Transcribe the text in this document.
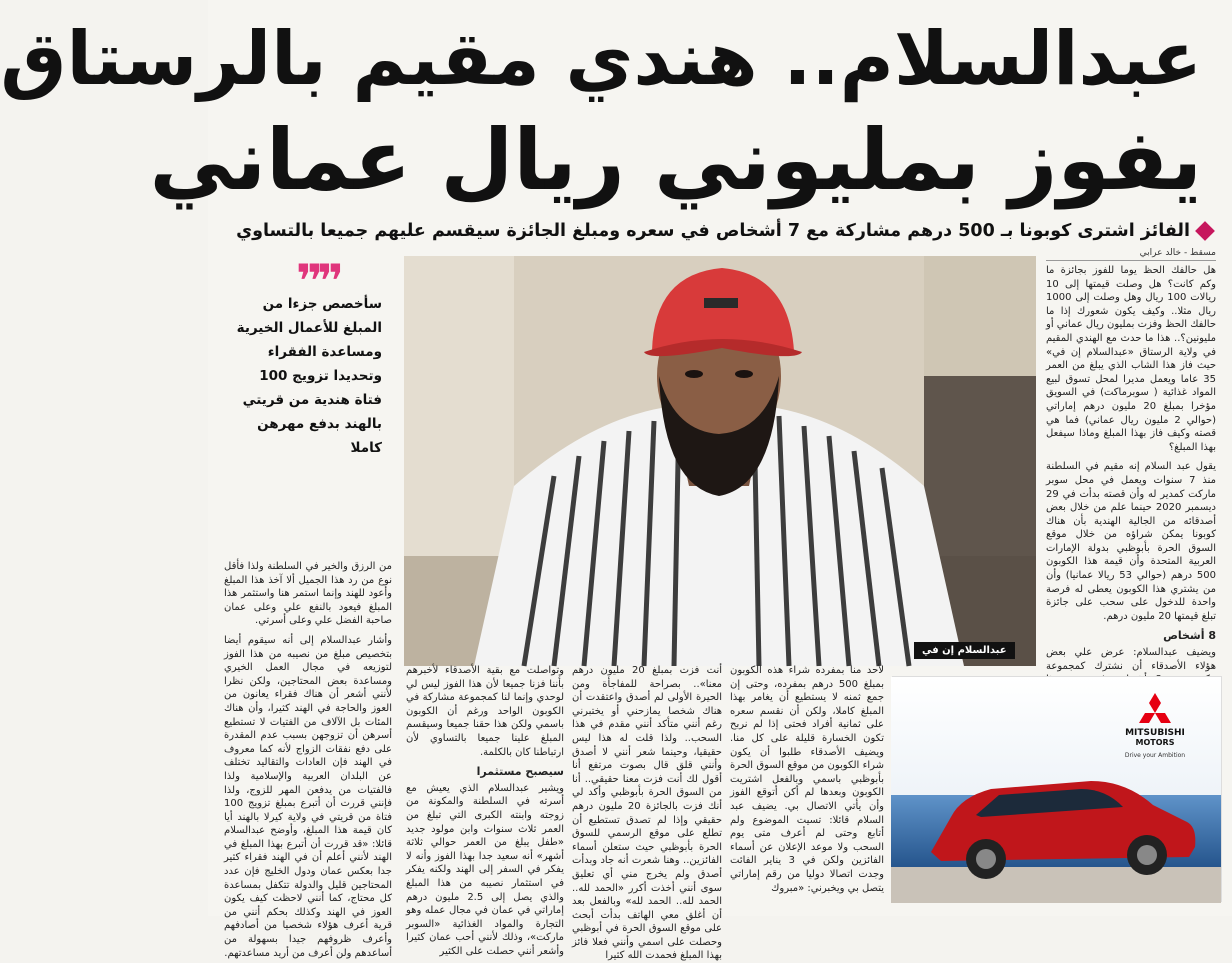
عبدالسلام.. هندي مقيم بالرستاق
يفوز بمليوني ريال عماني
الفائز اشترى كوبونا بـ 500 درهم مشاركة مع 7 أشخاص في سعره ومبلغ الجائزة سيقسم عليهم جميعا بالتساوي
مسقط - خالد عرابي

هل حالفك الحظ يوما للفوز بجائزة ما وكم كانت؟ هل وصلت قيمتها إلى 10 ريالات 100 ريال وهل وصلت إلى 1000 ريال مثلا.. وكيف يكون شعورك إذا ما حالفك الحظ وفزت بمليون ريال عماني أو مليونين؟.. هذا ما حدث مع الهندي المقيم في ولاية الرستاق «عبدالسلام إن في» حيث فاز هذا الشاب الذي يبلغ من العمر 35 عاما ويعمل مديرا لمحل تسوق لبيع المواد غذائية ( سوبرماكت) في السويق مؤخرا بمبلغ 20 مليون درهم إماراتي (حوالي 2 مليون ريال عماني) فما هي قصته وكيف فاز بهذا المبلغ وماذا سيفعل بهذا المبلغ؟

يقول عبد السلام إنه مقيم في السلطنة منذ 7 سنوات ويعمل في محل سوبر ماركت كمدير له وأن قصته بدأت في 29 ديسمبر 2020 حينما علم من خلال بعض أصدقائه من الجالية الهندية بأن هناك كوبونا يمكن شراؤه من خلال موقع السوق الحرة بأبوظبي بدولة الإمارات العربية المتحدة وأن قيمة هذا الكوبون 500 درهم (حوالي 53 ريالا عمانيا) وأن من يشتري هذا الكوبون يعطى له فرصة واحدة للدخول على سحب على جائزة تبلغ قيمتها 20 مليون درهم.

8 أشخاص

ويضيف عبدالسلام: عرض علي بعض هؤلاء الأصدقاء أن نشترك كمجموعة

عبدالسلام إن في
❞❞
سأخصص جزءا من المبلغ للأعمال الخيرية ومساعدة الفقراء وتحديدا تزويج 100 فتاة هندية من قريتي بالهند بدفع مهرهن كاملا

من الرزق والخير في السلطنة ولذا فأقل نوع من رد هذا الجميل ألا آخذ هذا المبلغ وأعود للهند وإنما استمر هنا واستثمر هذا المبلغ فيعود بالنفع علي وعلى عمان صاحبة الفضل علي وعلى أسرتي.

وأشار عبدالسلام إلى أنه سيقوم أيضا بتخصيص مبلغ من نصيبه من هذا الفوز لتوزيعه في مجال العمل الخيري ومساعدة بعض المحتاجين، ولكن نظرا لأنني أشعر أن هناك فقراء يعانون من العوز والحاجة في الهند كثيرا، وأن هناك المئات بل الآلاف من الفتيات لا تستطيع أسرهن أن تزوجهن بسبب عدم المقدرة على دفع نفقات الزواج لأنه كما معروف في الهند فإن العادات والتقاليد تختلف عن البلدان العربية والإسلامية ولذا فالفتيات من يدفعن المهر للزوج، ولذا فإنني قررت أن أتبرع بمبلغ تزويج 100 فتاة من قريتي في ولاية كيرلا بالهند أيا كان قيمة هذا المبلغ، وأوضح عبدالسلام قائلا: «قد قررت أن أتبرع بهذا المبلغ في الهند لأنني أعلم أن في الهند فقراء كثير جدا بعكس عمان ودول الخليج فإن عدد المحتاجين قليل والدولة تتكفل بمساعدة كل محتاج، كما أنني لاحظت كيف يكون العوز في الهند وكذلك بحكم أنني من قرية أعرف هؤلاء شخصيا من أصادفهم وأعرف ظروفهم جيدا بسهولة من أساعدهم ولن أعرف من أريد مساعدتهم.

وتواصلت مع بقية الأصدقاء لأخبرهم بأننا فزنا جميعا لأن هذا الفوز ليس لي لوحدي وإنما لنا كمجموعة مشاركة في الكوبون الواحد ورغم أن الكوبون باسمي ولكن هذا حقنا جميعا وسيقسم المبلغ علينا جميعا بالتساوي لأن ارتباطنا كان بالكلمة.

سيصبح مستثمرا

ويشير عبدالسلام الذي يعيش مع أسرته في السلطنة والمكونة من زوجته وابنته الكبرى التي تبلغ من العمر ثلاث سنوات وابن مولود جديد «طفل يبلغ من العمر حوالي ثلاثة أشهر» أنه سعيد جدا بهذا الفوز وأنه لا يفكر في السفر إلى الهند ولكنه يفكر في استثمار نصيبه من هذا المبلغ والذي يصل إلى 2.5 مليون درهم إماراتي في عمان في مجال عمله وهو التجارة والمواد الغذائية «السوبر ماركت»، وذلك لأنني أحب عمان كثيرا وأشعر أنني حصلت على الكثير

أنت فزت بمبلغ 20 مليون درهم معنا».. بصراحة للمفاجأة ومن الحيرة الأولى لم أصدق واعتقدت أن هناك شخصا يمازحني أو يختبرني رغم أنني متأكد أنني مقدم في هذا السحب.. ولذا قلت له هذا ليس حقيقيا، وحينما شعر أنني لا أصدق وأنني قلق قال بصوت مرتفع أنا أقول لك أنت فزت معنا حقيقي.. أنا من السوق الحرة بأبوظبي وأكد لي أنك فزت بالجائزة 20 مليون درهم حقيقي وإذا لم تصدق تستطيع أن تطلع على موقع الرسمي للسوق الحرة بأبوظبي حيث ستعلن أسماء الفائزين.. وهنا شعرت أنه جاد وبدأت أصدق ولم يخرج مني أي تعليق سوى أنني أخذت أكرر «الحمد لله.. الحمد لله.. الحمد لله» وبالفعل بعد أن أغلق معي الهاتف بدأت أبحث على موقع السوق الحرة في أبوظبي وحصلت على اسمي وأنني فعلا فائز بهذا المبلغ فحمدت الله كثيرا

لأحد منا بمفرده شراء هذه الكوبون بمبلغ 500 درهم بمفرده، وحتى إن جمع ثمنه لا يستطيع أن يغامر بهذا المبلغ كاملا، ولكن أن نقسم سعره على ثمانية أفراد فحتى إذا لم نربح تكون الخسارة قليلة على كل منا. ويضيف الأصدقاء طلبوا أن يكون شراء الكوبون من موقع السوق الحرة بأبوظبي باسمي وبالفعل اشتريت الكوبون وبعدها لم أكن أتوقع الفوز وأن يأتي الاتصال بي. يضيف عبد السلام قائلا: تسيت الموضوع ولم أتابع وحتى لم أعرف متى يوم السحب ولا موعد الإعلان عن أسماء الفائزين ولكن في 3 يناير الفائت وجدت اتصالا دوليا من رقم إماراتي يتصل بي ويخبرني: «مبروك

MITSUBISHI
MOTORS
Drive your Ambition
